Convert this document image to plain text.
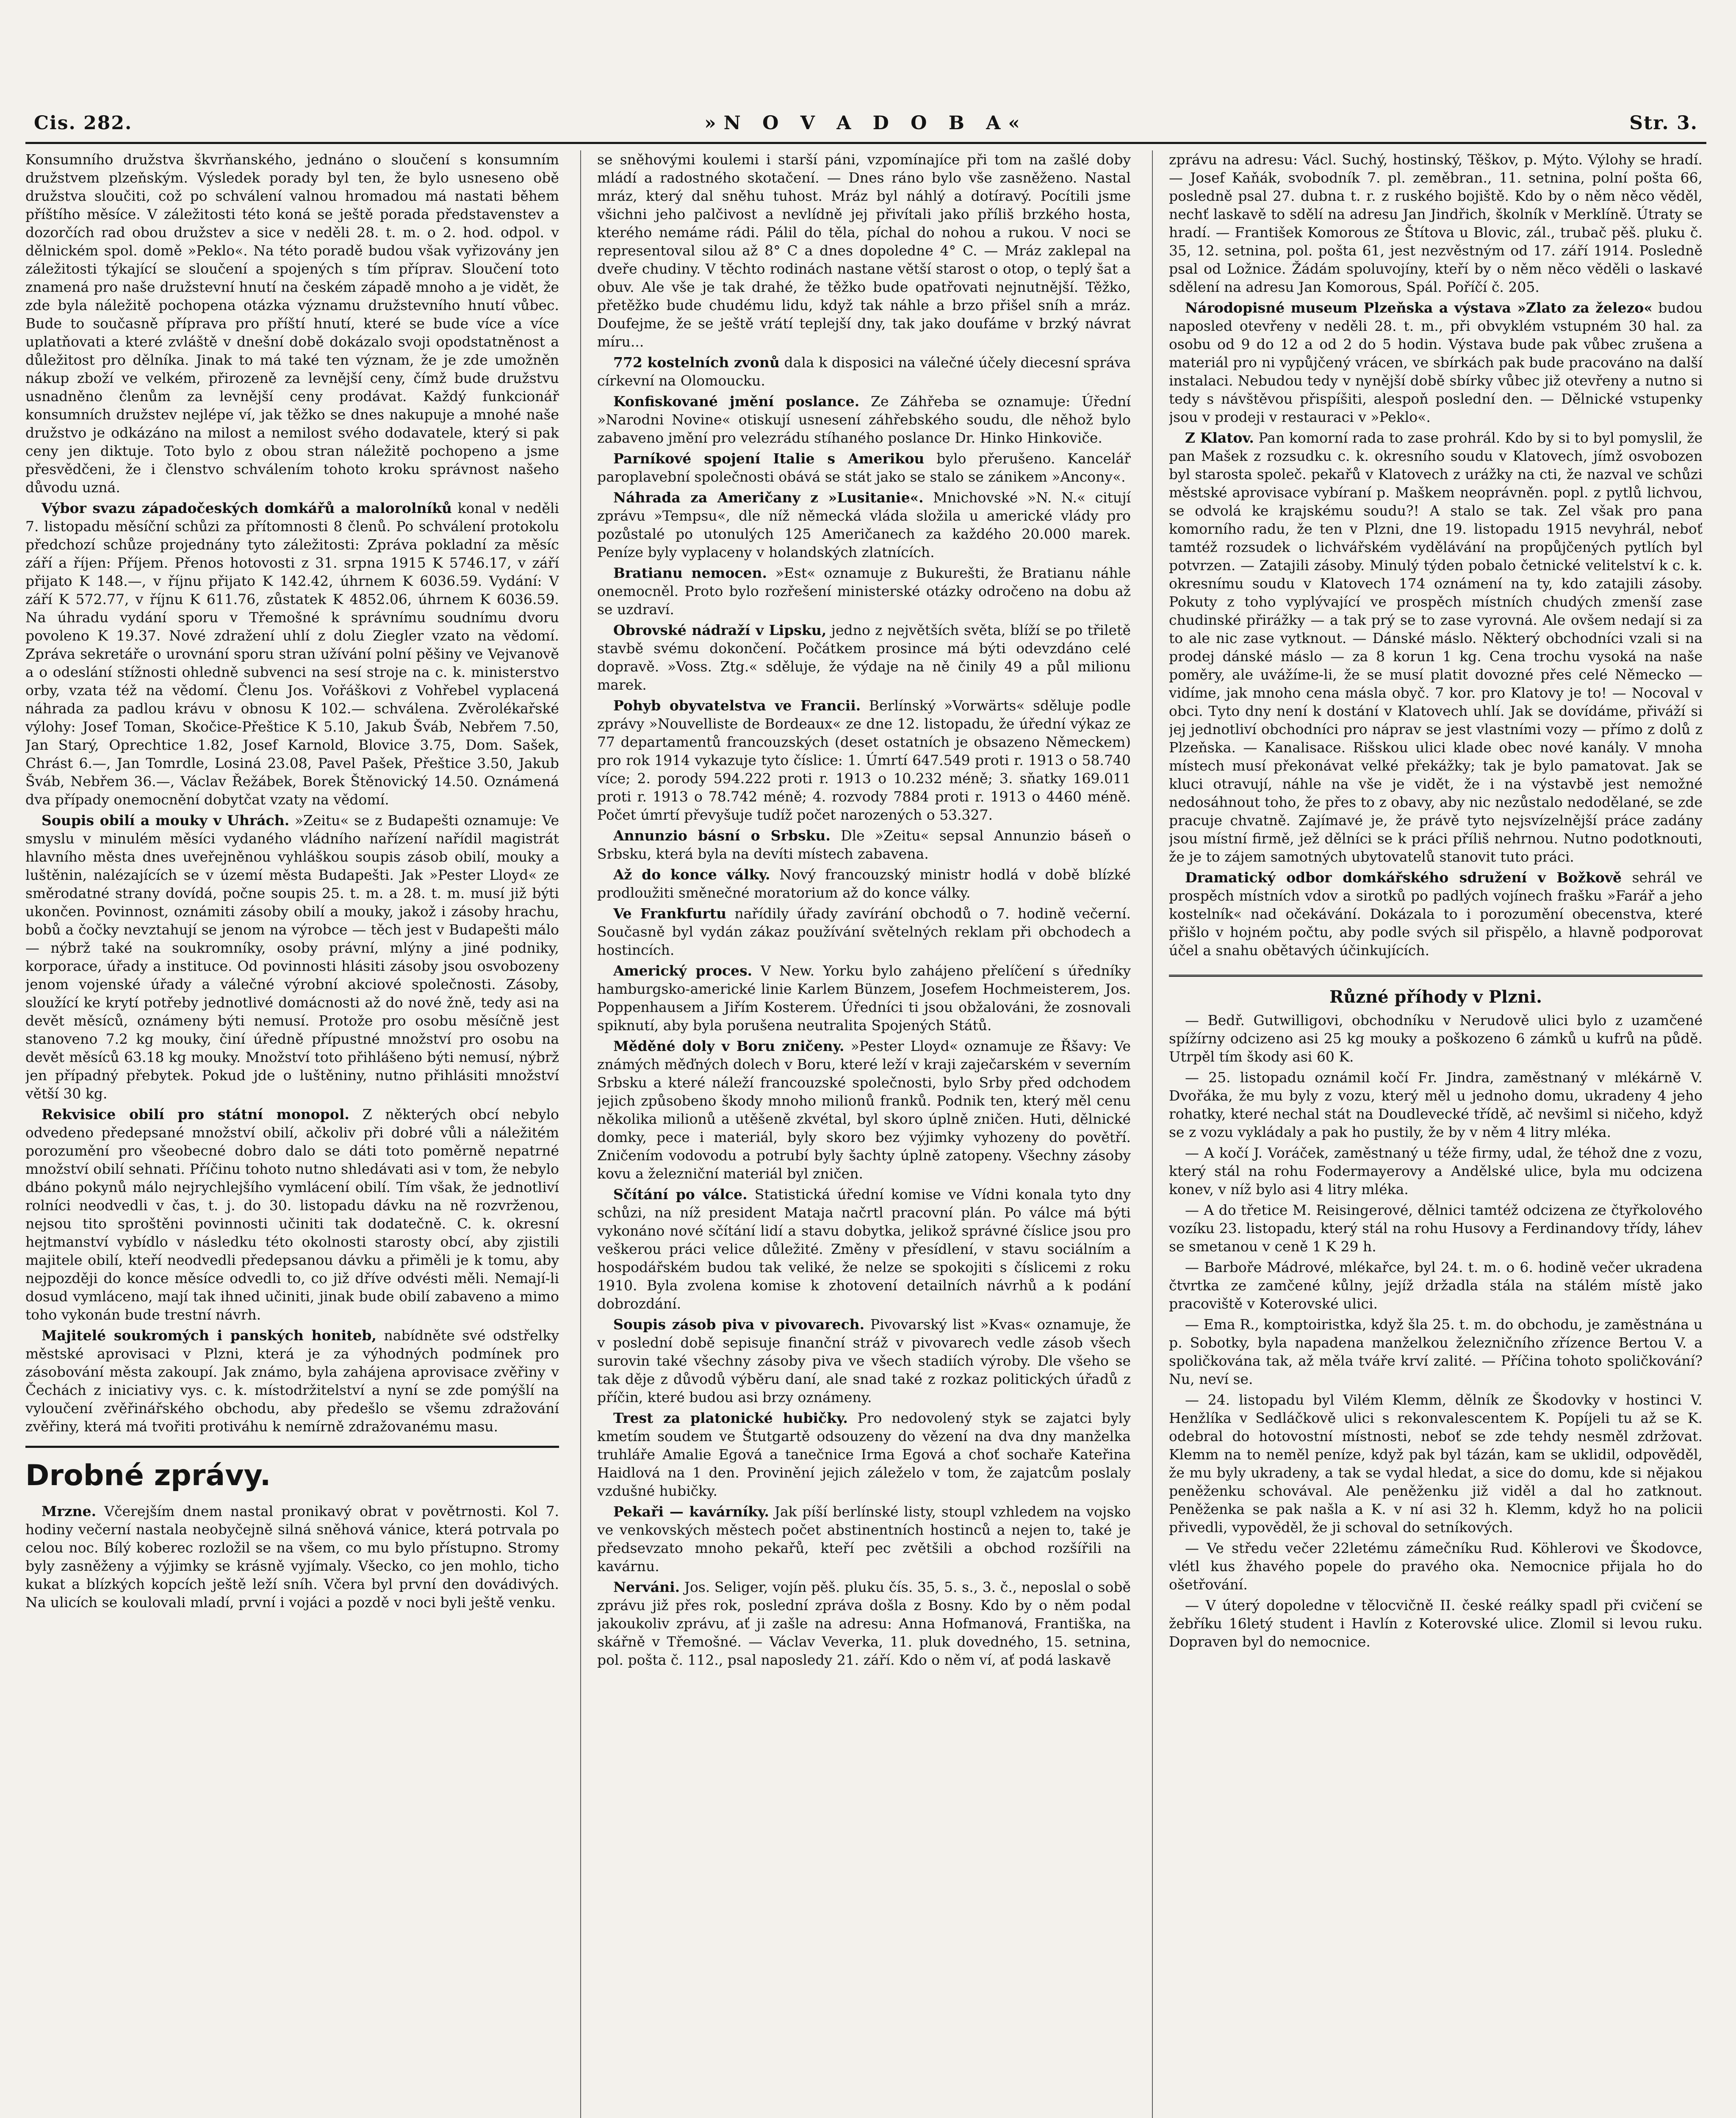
Cis. 282.	»N O V A D O B A«	Str. 3.

Konsumního družstva škvrňanského, jednáno o sloučení s konsumním družstvem plzeňským. Výsledek porady byl ten, že bylo usneseno obě družstva sloučiti, což po schválení valnou hromadou má nastati během příštího měsíce. V záležitosti této koná se ještě porada představenstev a dozorčích rad obou družstev a sice v neděli 28. t. m. o 2. hod. odpol. v dělnickém spol. domě »Peklo«. Na této poradě budou však vyřizovány jen záležitosti týkající se sloučení a spojených s tím příprav. Sloučení toto znamená pro naše družstevní hnutí na českém západě mnoho a je vidět, že zde byla náležitě pochopena otázka významu družstevního hnutí vůbec. Bude to současně příprava pro příští hnutí, které se bude více a více uplatňovati a které zvláště v dnešní době dokázalo svoji opodstatněnost a důležitost pro dělníka. Jinak to má také ten význam, že je zde umožněn nákup zboží ve velkém, přirozeně za levnější ceny, čímž bude družstvu usnadněno členům za levnější ceny prodávat. Každý funkcionář konsumních družstev nejlépe ví, jak těžko se dnes nakupuje a mnohé naše družstvo je odkázáno na milost a nemilost svého dodavatele, který si pak ceny jen diktuje. Toto bylo z obou stran náležitě pochopeno a jsme přesvědčeni, že i členstvo schválením tohoto kroku správnost našeho důvodu uzná.

Výbor svazu západočeských domkářů a malorolníků konal v neděli 7. listopadu měsíční schůzi za přítomnosti 8 členů. Po schválení protokolu předchozí schůze projednány tyto záležitosti: Zpráva pokladní za měsíc září a říjen: Příjem. Přenos hotovosti z 31. srpna 1915 K 5746.17, v září přijato K 148.—, v říjnu přijato K 142.42, úhrnem K 6036.59. Vydání: V září K 572.77, v říjnu K 611.76, zůstatek K 4852.06, úhrnem K 6036.59. Na úhradu vydání sporu v Třemošné k správnímu soudnímu dvoru povoleno K 19.37. Nové zdražení uhlí z dolu Ziegler vzato na vědomí. Zpráva sekretáře o urovnání sporu stran užívání polní pěšiny ve Vejvanově a o odeslání stížnosti ohledně subvenci na sesí stroje na c. k. ministerstvo orby, vzata též na vědomí. Členu Jos. Vořáškovi z Vohřebel vyplacená náhrada za padlou krávu v obnosu K 102.— schválena. Zvěrolékařské výlohy: Josef Toman, Skočice-Přeštice K 5.10, Jakub Šváb, Nebřem 7.50, Jan Starý, Oprechtice 1.82, Josef Karnold, Blovice 3.75, Dom. Sašek, Chrást 6.—, Jan Tomrdle, Losiná 23.08, Pavel Pašek, Přeštice 3.50, Jakub Šváb, Nebřem 36.—, Václav Řežábek, Borek Štěnovický 14.50. Oznámená dva případy onemocnění dobytčat vzaty na vědomí.

Soupis obilí a mouky v Uhrách. »Zeitu« se z Budapešti oznamuje: Ve smyslu v minulém měsíci vydaného vládního nařízení nařídil magistrát hlavního města dnes uveřejněnou vyhláškou soupis zásob obilí, mouky a luštěnin, nalézajících se v území města Budapešti. Jak »Pester Lloyd« ze směrodatné strany dovídá, počne soupis 25. t. m. a 28. t. m. musí již býti ukončen. Povinnost, oznámiti zásoby obilí a mouky, jakož i zásoby hrachu, bobů a čočky nevztahují se jenom na výrobce — těch jest v Budapešti málo — nýbrž také na soukromníky, osoby právní, mlýny a jiné podniky, korporace, úřady a instituce. Od povinnosti hlásiti zásoby jsou osvobozeny jenom vojenské úřady a válečné výrobní akciové společnosti. Zásoby, sloužící ke krytí potřeby jednotlivé domácnosti až do nové žně, tedy asi na devět měsíců, oznámeny býti nemusí. Protože pro osobu měsíčně jest stanoveno 7.2 kg mouky, činí úředně přípustné množství pro osobu na devět měsíců 63.18 kg mouky. Množství toto přihlášeno býti nemusí, nýbrž jen případný přebytek. Pokud jde o luštěniny, nutno přihlásiti množství větší 30 kg.

Rekvisice obilí pro státní monopol. Z některých obcí nebylo odvedeno předepsané množství obilí, ačkoliv při dobré vůli a náležitém porozumění pro všeobecné dobro dalo se dáti toto poměrně nepatrné množství obilí sehnati. Příčinu tohoto nutno shledávati asi v tom, že nebylo dbáno pokynů málo nejrychlejšího vymlácení obilí. Tím však, že jednotliví rolníci neodvedli v čas, t. j. do 30. listopadu dávku na ně rozvrženou, nejsou tito sproštěni povinnosti učiniti tak dodatečně. C. k. okresní hejtmanství vybídlo v následku této okolnosti starosty obcí, aby zjistili majitele obilí, kteří neodvedli předepsanou dávku a přiměli je k tomu, aby nejpozději do konce měsíce odvedli to, co již dříve odvésti měli. Nemají-li dosud vymláceno, mají tak ihned učiniti, jinak bude obilí zabaveno a mimo toho vykonán bude trestní návrh.

Majitelé soukromých i panských honiteb, nabídněte své odstřelky městské aprovisaci v Plzni, která je za výhodných podmínek pro zásobování města zakoupí. Jak známo, byla zahájena aprovisace zvěřiny v Čechách z iniciativy vys. c. k. místodržitelství a nyní se zde pomýšlí na vyloučení zvěřinářského obchodu, aby předešlo se všemu zdražování zvěřiny, která má tvořiti protiváhu k nemírně zdražovanému masu.

Drobné zprávy.

Mrzne. Včerejším dnem nastal pronikavý obrat v povětrnosti. Kol 7. hodiny večerní nastala neobyčejně silná sněhová vánice, která potrvala po celou noc. Bílý koberec rozložil se na všem, co mu bylo přístupno. Stromy byly zasněženy a výjimky se krásně vyjímaly. Všecko, co jen mohlo, ticho kukat a blízkých kopcích ještě leží sníh. Včera byl první den dovádivých. Na ulicích se koulovali mladí, první i vojáci a pozdě v noci byli ještě venku.

se sněhovými koulemi i starší páni, vzpomínajíce při tom na zašlé doby mládí a radostného skotačení. — Dnes ráno bylo vše zasněženo. Nastal mráz, který dal sněhu tuhost. Mráz byl náhlý a dotíravý. Pocítili jsme všichni jeho palčivost a nevlídně jej přivítali jako příliš brzkého hosta, kterého nemáme rádi. Pálil do těla, píchal do nohou a rukou. V noci se representoval silou až 8° C a dnes dopoledne 4° C. — Mráz zaklepal na dveře chudiny. V těchto rodinách nastane větší starost o otop, o teplý šat a obuv. Ale vše je tak drahé, že těžko bude opatřovati nejnutnější. Těžko, přetěžko bude chudému lidu, když tak náhle a brzo přišel sníh a mráz. Doufejme, že se ještě vrátí teplejší dny, tak jako doufáme v brzký návrat míru...

772 kostelních zvonů dala k disposici na válečné účely diecesní správa církevní na Olomoucku.

Konfiskované jmění poslance. Ze Záhřeba se oznamuje: Úřední »Narodni Novine« otiskují usnesení záhřebského soudu, dle něhož bylo zabaveno jmění pro velezrádu stíhaného poslance Dr. Hinko Hinkoviče.

Parníkové spojení Italie s Amerikou bylo přerušeno. Kancelář paroplavební společnosti obává se stát jako se stalo se zánikem »Ancony«.

Náhrada za Američany z »Lusitanie«. Mnichovské »N. N.« citují zprávu »Tempsu«, dle níž německá vláda složila u americké vlády pro pozůstalé po utonulých 125 Američanech za každého 20.000 marek. Peníze byly vyplaceny v holandských zlatnících.

Bratianu nemocen. »Est« oznamuje z Bukurešti, že Bratianu náhle onemocněl. Proto bylo rozřešení ministerské otázky odročeno na dobu až se uzdraví.

Obrovské nádraží v Lipsku, jedno z největších světa, blíží se po třiletě stavbě svému dokončení. Počátkem prosince má býti odevzdáno celé dopravě. »Voss. Ztg.« sděluje, že výdaje na ně činily 49 a půl milionu marek.

Pohyb obyvatelstva ve Francii. Berlínský »Vorwärts« sděluje podle zprávy »Nouvelliste de Bordeaux« ze dne 12. listopadu, že úřední výkaz ze 77 departamentů francouzských (deset ostatních je obsazeno Německem) pro rok 1914 vykazuje tyto číslice: 1. Úmrtí 647.549 proti r. 1913 o 58.740 více; 2. porody 594.222 proti r. 1913 o 10.232 méně; 3. sňatky 169.011 proti r. 1913 o 78.742 méně; 4. rozvody 7884 proti r. 1913 o 4460 méně. Počet úmrtí převyšuje tudíž počet narozených o 53.327.

Annunzio básní o Srbsku. Dle »Zeitu« sepsal Annunzio báseň o Srbsku, která byla na devíti místech zabavena.

Až do konce války. Nový francouzský ministr hodlá v době blízké prodloužiti směnečné moratorium až do konce války.

Ve Frankfurtu nařídily úřady zavírání obchodů o 7. hodině večerní. Současně byl vydán zákaz používání světelných reklam při obchodech a hostincích.

Americký proces. V New. Yorku bylo zahájeno přelíčení s úředníky hamburgsko-americké linie Karlem Bünzem, Josefem Hochmeisterem, Jos. Poppenhausem a Jiřím Kosterem. Úředníci ti jsou obžalováni, že zosnovali spiknutí, aby byla porušena neutralita Spojených Států.

Měděné doly v Boru zničeny. »Pester Lloyd« oznamuje ze Řšavy: Ve známých měďných dolech v Boru, které leží v kraji zaječarském v severním Srbsku a které náleží francouzské společnosti, bylo Srby před odchodem jejich způsobeno škody mnoho milionů franků. Podnik ten, který měl cenu několika milionů a utěšeně zkvétal, byl skoro úplně zničen. Huti, dělnické domky, pece i materiál, byly skoro bez výjimky vyhozeny do povětří. Zničením vodovodu a potrubí byly šachty úplně zatopeny. Všechny zásoby kovu a železniční materiál byl zničen.

Sčítání po válce. Statistická úřední komise ve Vídni konala tyto dny schůzi, na níž president Mataja načrtl pracovní plán. Po válce má býti vykonáno nové sčítání lidí a stavu dobytka, jelikož správné číslice jsou pro veškerou práci velice důležité. Změny v přesídlení, v stavu sociálním a hospodářském budou tak veliké, že nelze se spokojiti s číslicemi z roku 1910. Byla zvolena komise k zhotovení detailních návrhů a k podání dobrozdání.

Soupis zásob piva v pivovarech. Pivovarský list »Kvas« oznamuje, že v poslední době sepisuje finanční stráž v pivovarech vedle zásob všech surovin také všechny zásoby piva ve všech stadiích výroby. Dle všeho se tak děje z důvodů výběru daní, ale snad také z rozkaz politických úřadů z příčin, které budou asi brzy oznámeny.

Trest za platonické hubičky. Pro nedovolený styk se zajatci byly kmetím soudem ve Štutgartě odsouzeny do vězení na dva dny manželka truhláře Amalie Egová a tanečnice Irma Egová a choť sochaře Kateřina Haidlová na 1 den. Provinění jejich záleželo v tom, že zajatcům poslaly vzdušné hubičky.

Pekaři — kavárníky. Jak píší berlínské listy, stoupl vzhledem na vojsko ve venkovských městech počet abstinentních hostinců a nejen to, také je předsevzato mnoho pekařů, kteří pec zvětšili a obchod rozšířili na kavárnu.

Nerváni. Jos. Seliger, vojín pěš. pluku čís. 35, 5. s., 3. č., neposlal o sobě zprávu již přes rok, poslední zpráva došla z Bosny. Kdo by o něm podal jakoukoliv zprávu, ať ji zašle na adresu: Anna Hofmanová, Františka, na skářně v Třemošné. — Václav Veverka, 11. pluk dovedného, 15. setnina, pol. pošta č. 112., psal naposledy 21. září. Kdo o něm ví, ať podá laskavě

zprávu na adresu: Václ. Suchý, hostinský, Těškov, p. Mýto. Výlohy se hradí. — Josef Kaňák, svobodník 7. pl. zeměbran., 11. setnina, polní pošta 66, posledně psal 27. dubna t. r. z ruského bojiště. Kdo by o něm něco věděl, nechť laskavě to sdělí na adresu Jan Jindřich, školník v Merklíně. Útraty se hradí. — František Komorous ze Štítova u Blovic, zál., trubač pěš. pluku č. 35, 12. setnina, pol. pošta 61, jest nezvěstným od 17. září 1914. Posledně psal od Ložnice. Žádám spoluvojíny, kteří by o něm něco věděli o laskavé sdělení na adresu Jan Komorous, Spál. Poříčí č. 205.

Národopisné museum Plzeňska a výstava »Zlato za železo« budou naposled otevřeny v neděli 28. t. m., při obvyklém vstupném 30 hal. za osobu od 9 do 12 a od 2 do 5 hodin. Výstava bude pak vůbec zrušena a materiál pro ni vypůjčený vrácen, ve sbírkách pak bude pracováno na další instalaci. Nebudou tedy v nynější době sbírky vůbec již otevřeny a nutno si tedy s návštěvou přispíšiti, alespoň poslední den. — Dělnické vstupenky jsou v prodeji v restauraci v »Peklo«.

Z Klatov. Pan komorní rada to zase prohrál. Kdo by si to byl pomyslil, že pan Mašek z rozsudku c. k. okresního soudu v Klatovech, jímž osvobozen byl starosta společ. pekařů v Klatovech z urážky na cti, že nazval ve schůzi městské aprovisace vybíraní p. Maškem neoprávněn. popl. z pytlů lichvou, se odvolá ke krajskému soudu?! A stalo se tak. Zel však pro pana komorního radu, že ten v Plzni, dne 19. listopadu 1915 nevyhrál, neboť tamtéž rozsudek o lichvářském vydělávání na propůjčených pytlích byl potvrzen. — Zatajili zásoby. Minulý týden pobalo četnické velitelství k c. k. okresnímu soudu v Klatovech 174 oznámení na ty, kdo zatajili zásoby. Pokuty z toho vyplývající ve prospěch místních chudých zmenší zase chudinské přirážky — a tak prý se to zase vyrovná. Ale ovšem nedají si za to ale nic zase vytknout. — Dánské máslo. Některý obchodníci vzali si na prodej dánské máslo — za 8 korun 1 kg. Cena trochu vysoká na naše poměry, ale uvážíme-li, že se musí platit dovozné přes celé Německo — vidíme, jak mnoho cena másla obyč. 7 kor. pro Klatovy je to! — Nocoval v obci. Tyto dny není k dostání v Klatovech uhlí. Jak se dovídáme, přiváží si jej jednotliví obchodníci pro náprav se jest vlastními vozy — přímo z dolů z Plzeňska. — Kanalisace. Rišskou ulici klade obec nové kanály. V mnoha místech musí překonávat velké překážky; tak je bylo pamatovat. Jak se kluci otravují, náhle na vše je vidět, že i na výstavbě jest nemožné nedosáhnout toho, že přes to z obavy, aby nic nezůstalo nedodělané, se zde pracuje chvatně. Zajímavé je, že právě tyto nejsvízelnější práce zadány jsou místní firmě, jež dělníci se k práci příliš nehrnou. Nutno podotknouti, že je to zájem samotných ubytovatelů stanovit tuto práci.

Dramatický odbor domkářského sdružení v Božkově sehrál ve prospěch místních vdov a sirotků po padlých vojínech frašku »Farář a jeho kostelník« nad očekávání. Dokázala to i porozumění obecenstva, které přišlo v hojném počtu, aby podle svých sil přispělo, a hlavně podporovat účel a snahu obětavých účinkujících.

Různé příhody v Plzni.

— Bedř. Gutwilligovi, obchodníku v Nerudově ulici bylo z uzamčené spížírny odcizeno asi 25 kg mouky a poškozeno 6 zámků u kufrů na půdě. Utrpěl tím škody asi 60 K.

— 25. listopadu oznámil kočí Fr. Jindra, zaměstnaný v mlékárně V. Dvořáka, že mu byly z vozu, který měl u jednoho domu, ukradeny 4 jeho rohatky, které nechal stát na Doudlevecké třídě, ač nevšiml si ničeho, když se z vozu vykládaly a pak ho pustily, že by v něm 4 litry mléka.

— A kočí J. Voráček, zaměstnaný u téže firmy, udal, že téhož dne z vozu, který stál na rohu Fodermayerovy a Andělské ulice, byla mu odcizena konev, v níž bylo asi 4 litry mléka.

— A do třetice M. Reisingerové, dělnici tamtéž odcizena ze čtyřkolového vozíku 23. listopadu, který stál na rohu Husovy a Ferdinandovy třídy, láhev se smetanou v ceně 1 K 29 h.

— Barboře Mádrové, mlékařce, byl 24. t. m. o 6. hodině večer ukradena čtvrtka ze zamčené kůlny, jejíž držadla stála na stálém místě jako pracoviště v Koterovské ulici.

— Ema R., komptoiristka, když šla 25. t. m. do obchodu, je zaměstnána u p. Sobotky, byla napadena manželkou železničního zřízence Bertou V. a spoličkována tak, až měla tváře krví zalité. — Příčina tohoto spoličkování? Nu, neví se.

— 24. listopadu byl Vilém Klemm, dělník ze Škodovky v hostinci V. Henžlíka v Sedláčkově ulici s rekonvalescentem K. Popíjeli tu až se K. odebral do hotovostní místnosti, neboť se zde tehdy nesměl zdržovat. Klemm na to neměl peníze, když pak byl tázán, kam se uklidil, odpověděl, že mu byly ukradeny, a tak se vydal hledat, a sice do domu, kde si nějakou peněženku schovával. Ale peněženku již viděl a dal ho zatknout. Peněženka se pak našla a K. v ní asi 32 h. Klemm, když ho na policii přivedli, vypověděl, že ji schoval do setníkových.

— Ve středu večer 22letému zámečníku Rud. Köhlerovi ve Škodovce, vlétl kus žhavého popele do pravého oka. Nemocnice přijala ho do ošetřování.

— V úterý dopoledne v tělocvičně II. české reálky spadl při cvičení se žebříku 16letý student i Havlín z Koterovské ulice. Zlomil si levou ruku. Dopraven byl do nemocnice.
